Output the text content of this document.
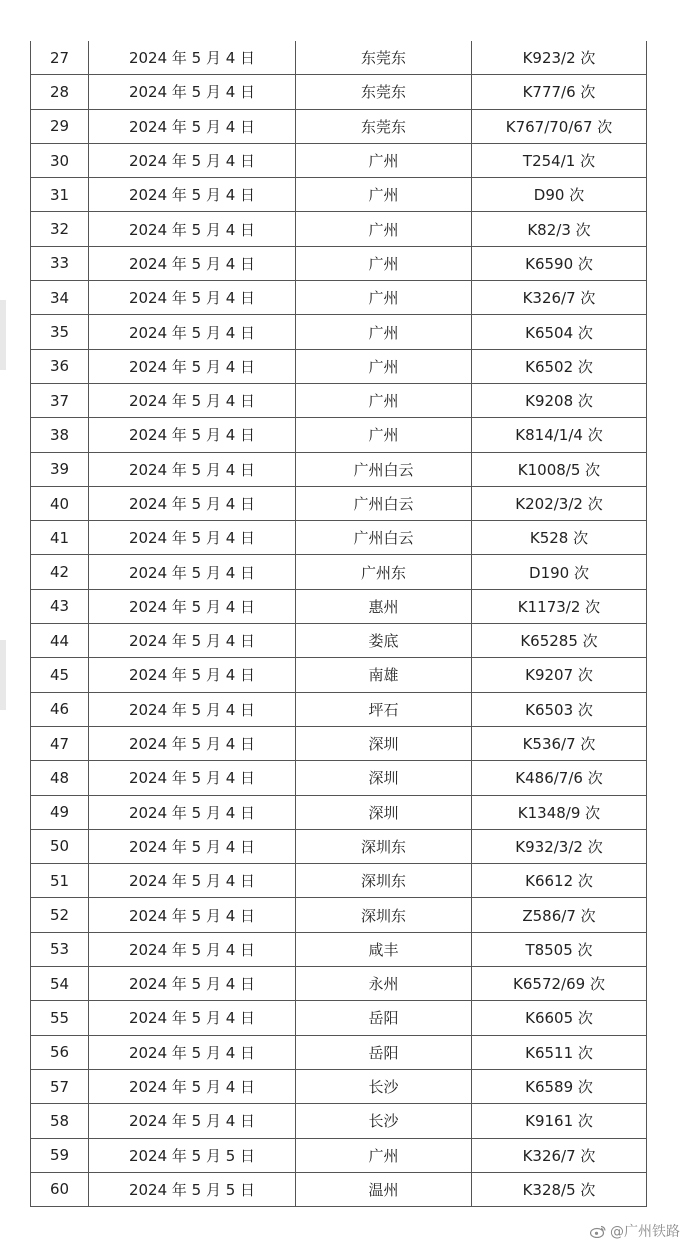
27	2024 年 5 月 4 日	东莞东	K923/2 次
28	2024 年 5 月 4 日	东莞东	K777/6 次
29	2024 年 5 月 4 日	东莞东	K767/70/67 次
30	2024 年 5 月 4 日	广州	T254/1 次
31	2024 年 5 月 4 日	广州	D90 次
32	2024 年 5 月 4 日	广州	K82/3 次
33	2024 年 5 月 4 日	广州	K6590 次
34	2024 年 5 月 4 日	广州	K326/7 次
35	2024 年 5 月 4 日	广州	K6504 次
36	2024 年 5 月 4 日	广州	K6502 次
37	2024 年 5 月 4 日	广州	K9208 次
38	2024 年 5 月 4 日	广州	K814/1/4 次
39	2024 年 5 月 4 日	广州白云	K1008/5 次
40	2024 年 5 月 4 日	广州白云	K202/3/2 次
41	2024 年 5 月 4 日	广州白云	K528 次
42	2024 年 5 月 4 日	广州东	D190 次
43	2024 年 5 月 4 日	惠州	K1173/2 次
44	2024 年 5 月 4 日	娄底	K65285 次
45	2024 年 5 月 4 日	南雄	K9207 次
46	2024 年 5 月 4 日	坪石	K6503 次
47	2024 年 5 月 4 日	深圳	K536/7 次
48	2024 年 5 月 4 日	深圳	K486/7/6 次
49	2024 年 5 月 4 日	深圳	K1348/9 次
50	2024 年 5 月 4 日	深圳东	K932/3/2 次
51	2024 年 5 月 4 日	深圳东	K6612 次
52	2024 年 5 月 4 日	深圳东	Z586/7 次
53	2024 年 5 月 4 日	咸丰	T8505 次
54	2024 年 5 月 4 日	永州	K6572/69 次
55	2024 年 5 月 4 日	岳阳	K6605 次
56	2024 年 5 月 4 日	岳阳	K6511 次
57	2024 年 5 月 4 日	长沙	K6589 次
58	2024 年 5 月 4 日	长沙	K9161 次
59	2024 年 5 月 5 日	广州	K326/7 次
60	2024 年 5 月 5 日	温州	K328/5 次
@广州铁路
